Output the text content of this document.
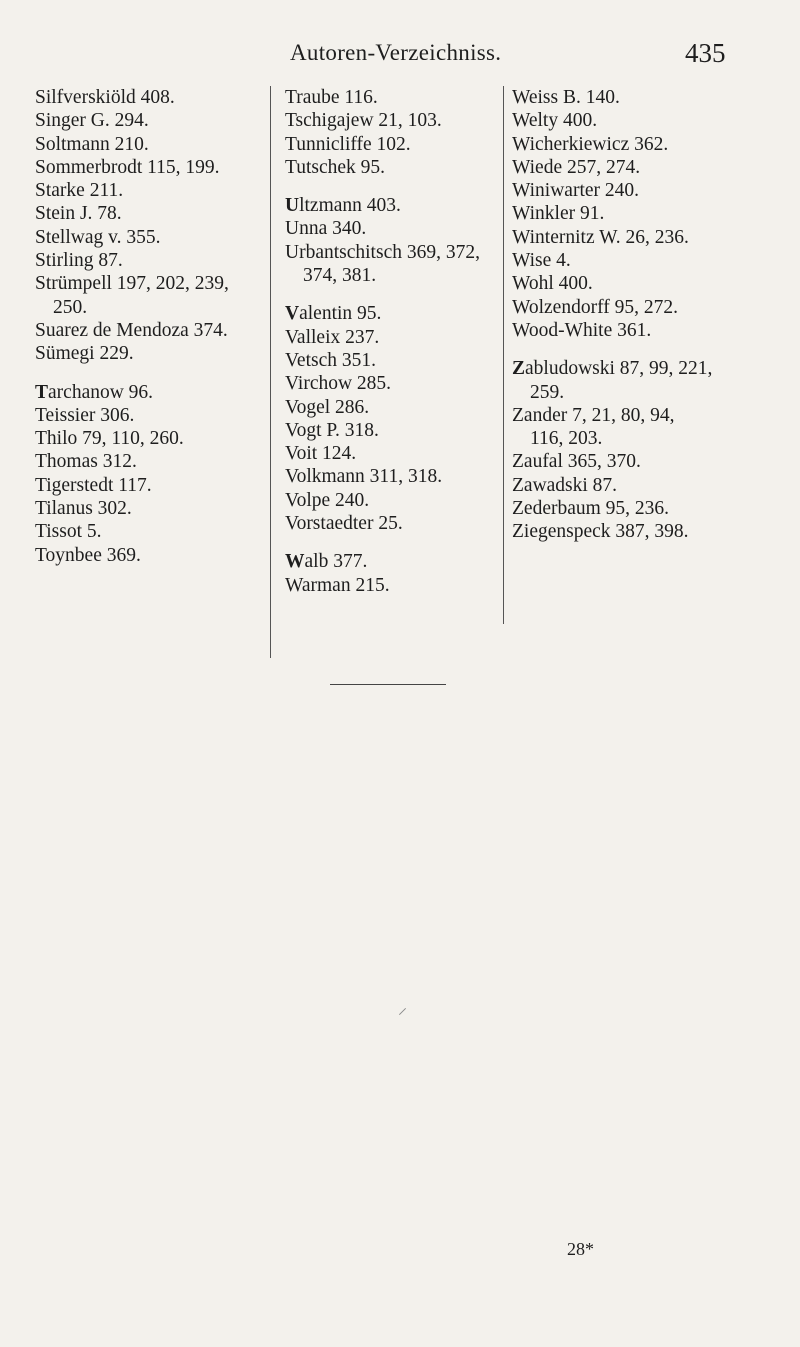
Autoren-Verzeichniss.	435
Silfverskiöld 408.
Singer G. 294.
Soltmann 210.
Sommerbrodt 115, 199.
Starke 211.
Stein J. 78.
Stellwag v. 355.
Stirling 87.
Strümpell 197, 202, 239,
250.
Suarez de Mendoza 374.
Sümegi 229.
Tarchanow 96.
Teissier 306.
Thilo 79, 110, 260.
Thomas 312.
Tigerstedt 117.
Tilanus 302.
Tissot 5.
Toynbee 369.
Traube 116.
Tschigajew 21, 103.
Tunnicliffe 102.
Tutschek 95.
Ultzmann 403.
Unna 340.
Urbantschitsch 369, 372,
374, 381.
Valentin 95.
Valleix 237.
Vetsch 351.
Virchow 285.
Vogel 286.
Vogt P. 318.
Voit 124.
Volkmann 311, 318.
Volpe 240.
Vorstaedter 25.
Walb 377.
Warman 215.
Weiss B. 140.
Welty 400.
Wicherkiewicz 362.
Wiede 257, 274.
Winiwarter 240.
Winkler 91.
Winternitz W. 26, 236.
Wise 4.
Wohl 400.
Wolzendorff 95, 272.
Wood-White 361.
Zabludowski 87, 99, 221,
259.
Zander 7, 21, 80, 94,
116, 203.
Zaufal 365, 370.
Zawadski 87.
Zederbaum 95, 236.
Ziegenspeck 387, 398.
28*
